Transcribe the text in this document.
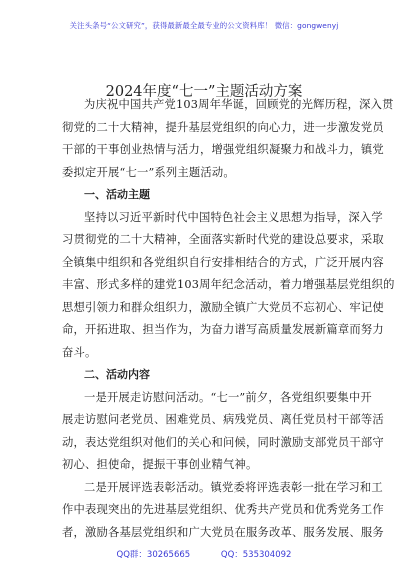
关注头条号“公文研究”，获得最新最全最专业的公文资料库！ 微信：gongwenyj
2024年度“七一”主题活动方案
为庆祝中国共产党103周年华诞，回顾党的光辉历程，深入贯
彻党的二十大精神，提升基层党组织的向心力，进一步激发党员
干部的干事创业热情与活力，增强党组织凝聚力和战斗力，镇党
委拟定开展“七一”系列主题活动。
一、活动主题
坚持以习近平新时代中国特色社会主义思想为指导，深入学
习贯彻党的二十大精神，全面落实新时代党的建设总要求，采取
全镇集中组织和各党组织自行安排相结合的方式，广泛开展内容
丰富、形式多样的建党103周年纪念活动，着力增强基层党组织的
思想引领力和群众组织力，激励全镇广大党员不忘初心、牢记使
命，开拓进取、担当作为，为奋力谱写高质量发展新篇章而努力
奋斗。
二、活动内容
一是开展走访慰问活动。“七一”前夕，各党组织要集中开
展走访慰问老党员、困难党员、病残党员、离任党员村干部等活
动，表达党组织对他们的关心和问候，同时激励支部党员干部守
初心、担使命，提振干事创业精气神。
二是开展评选表彰活动。镇党委将评选表彰一批在学习和工
作中表现突出的先进基层党组织、优秀共产党员和优秀党务工作
者，激励各基层党组织和广大党员在服务改革、服务发展、服务
QQ群：30265665	QQ：535304092
